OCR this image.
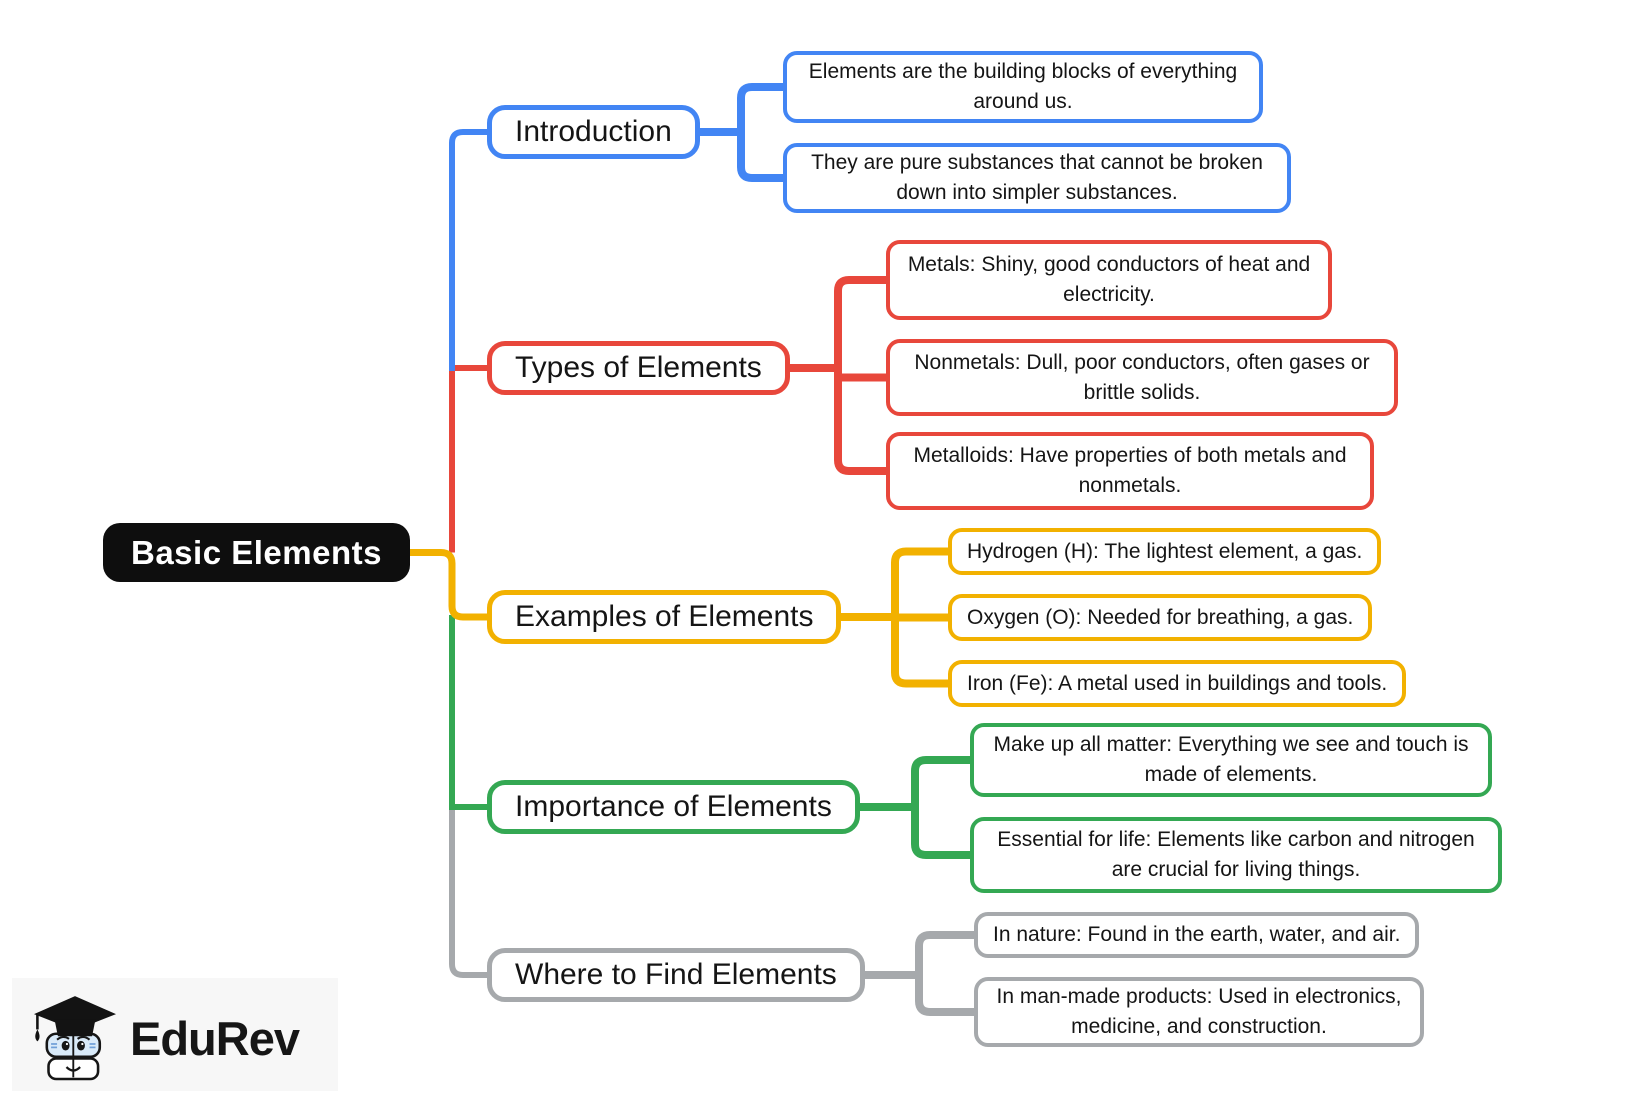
Basic Elements
Introduction
Types of Elements
Examples of Elements
Importance of Elements
Where to Find Elements
Elements are the building blocks of everything around us.
They are pure substances that cannot be broken down into simpler substances.
Metals: Shiny, good conductors of heat and electricity.
Nonmetals: Dull, poor conductors, often gases or brittle solids.
Metalloids: Have properties of both metals and nonmetals.
Hydrogen (H): The lightest element, a gas.
Oxygen (O): Needed for breathing, a gas.
Iron (Fe): A metal used in buildings and tools.
Make up all matter: Everything we see and touch is made of elements.
Essential for life: Elements like carbon and nitrogen are crucial for living things.
In nature: Found in the earth, water, and air.
In man-made products: Used in electronics, medicine, and construction.
EduRev
